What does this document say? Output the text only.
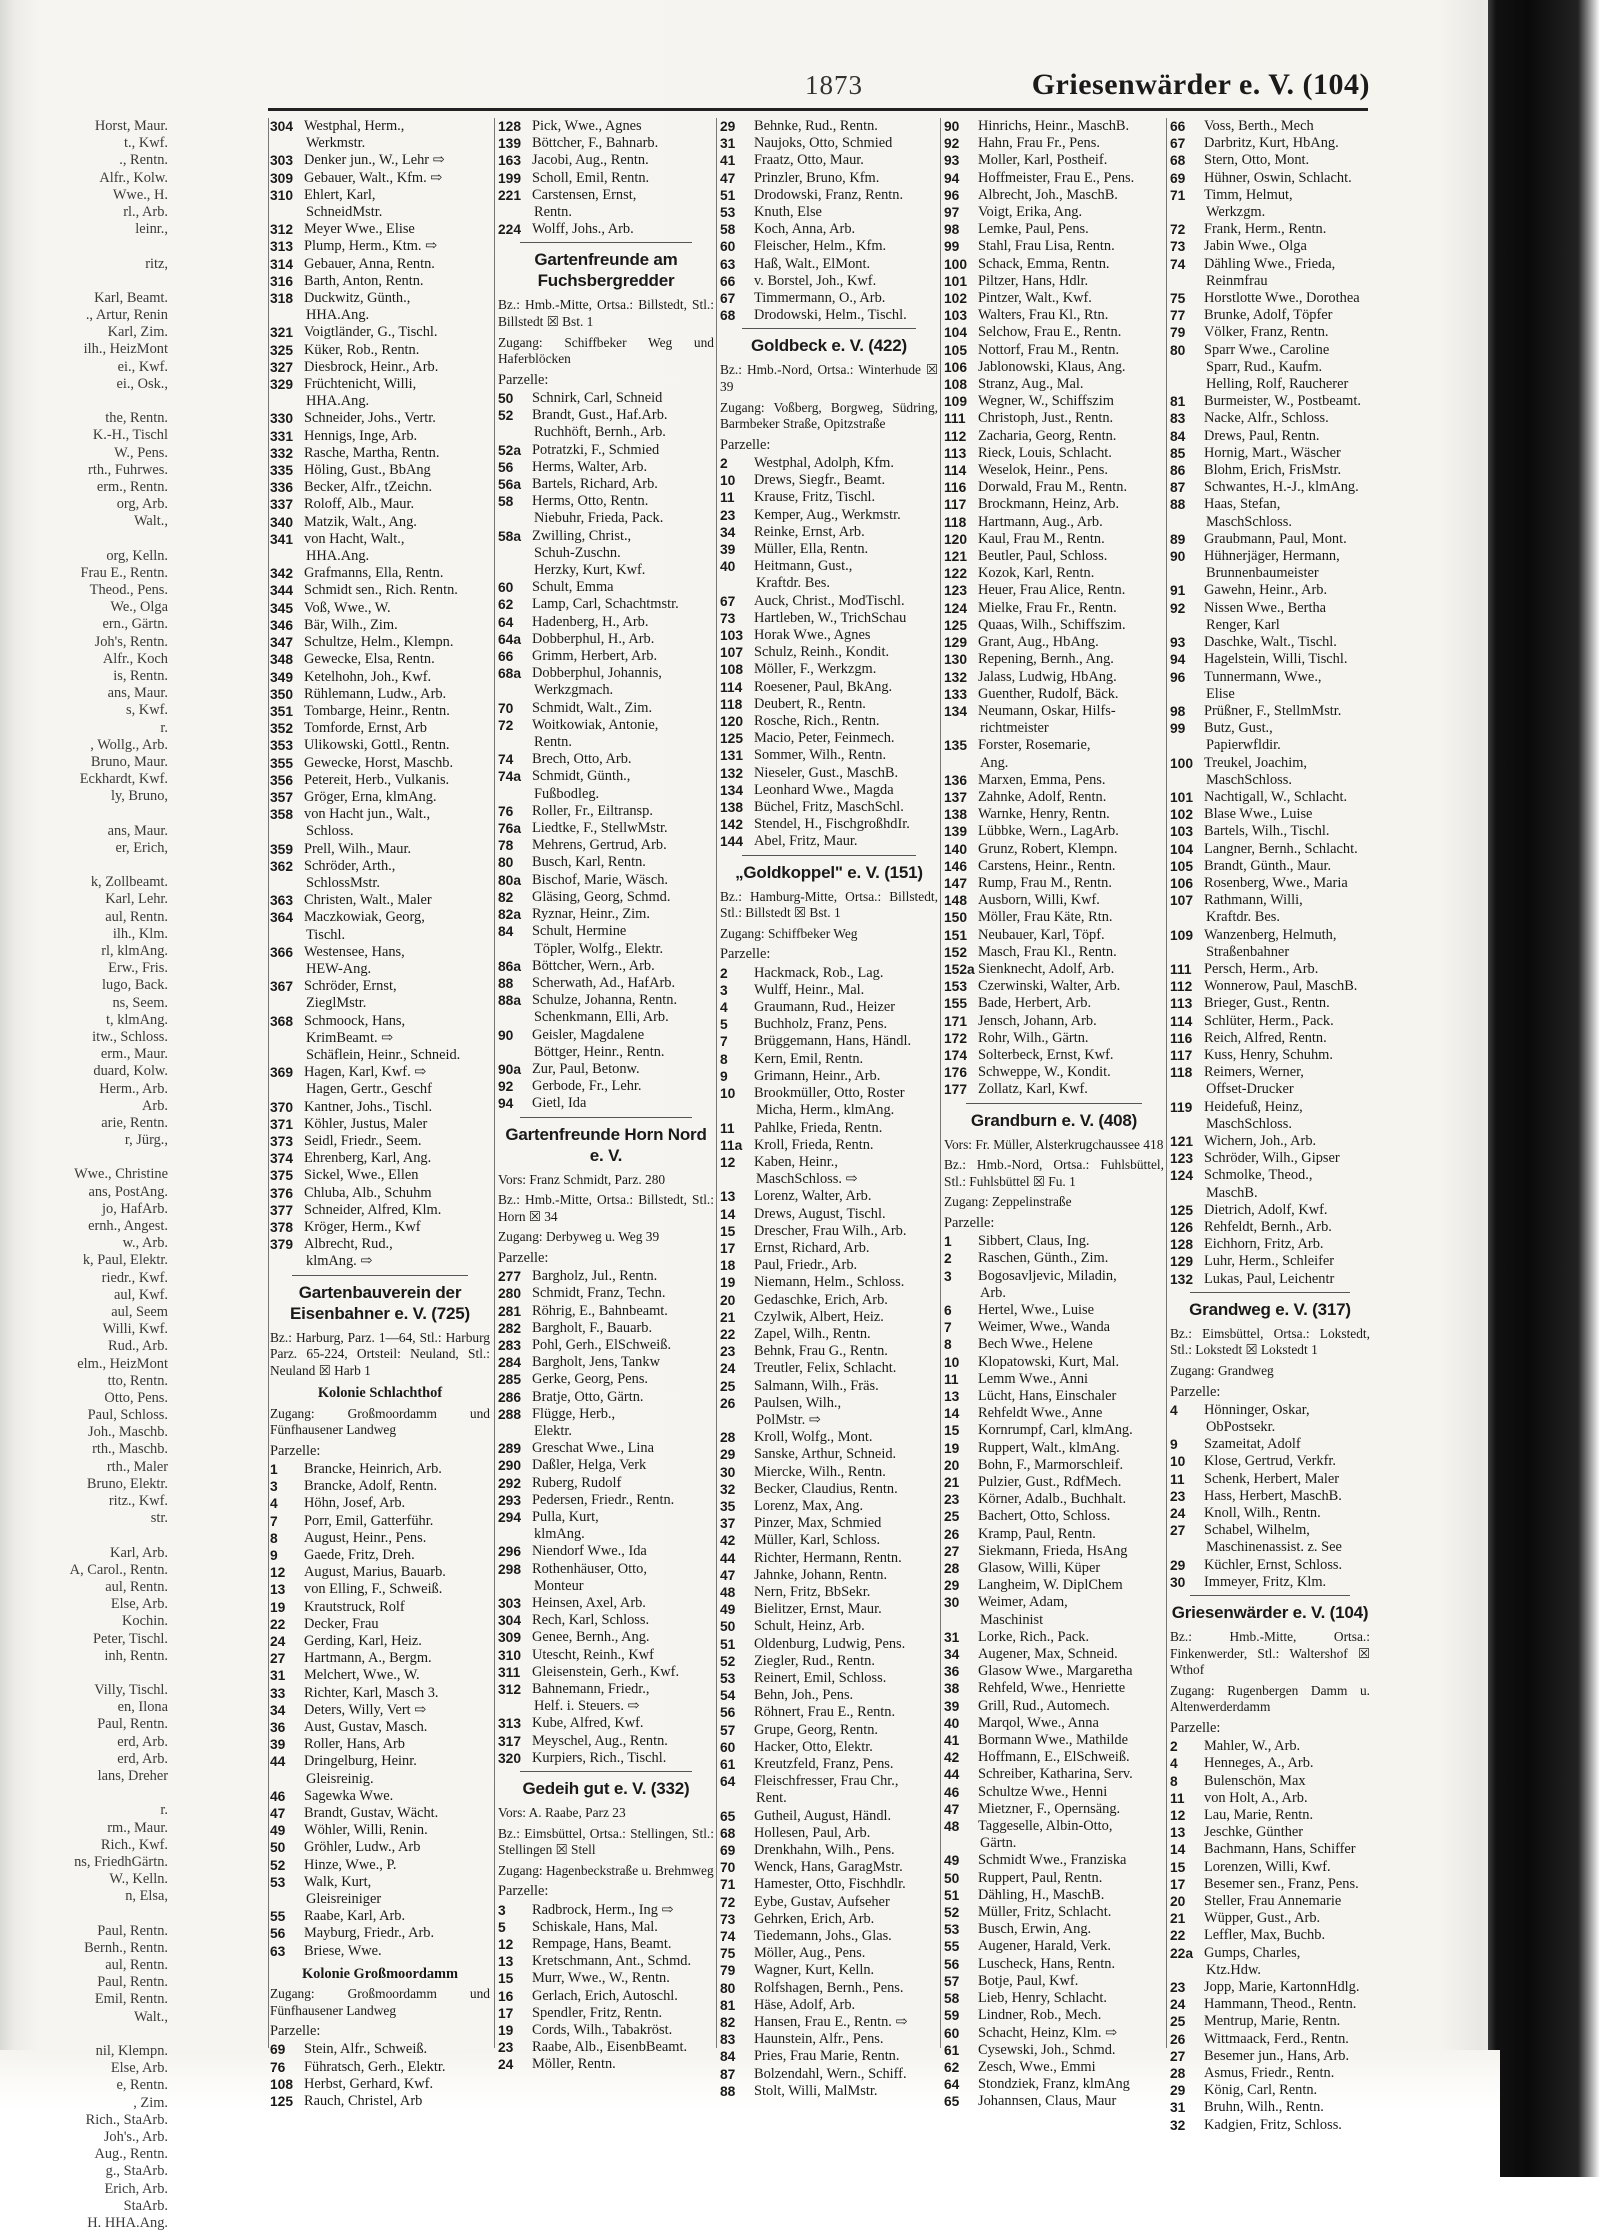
1873	Griesenwärder e. V. (104)
Horst, Maur.
t., Kwf.
., Rentn.
Alfr., Kolw.
Wwe., H.
rl., Arb.
leinr.,
ritz,
Karl, Beamt.
., Artur, Renin
Karl, Zim.
ilh., HeizMont
ei., Kwf.
ei., Osk.,
the, Rentn.
K.-H., Tischl
W., Pens.
rth., Fuhrwes.
erm., Rentn.
org, Arb.
Walt.,
org, Kelln.
Frau E., Rentn.
Theod., Pens.
We., Olga
ern., Gärtn.
Joh's, Rentn.
Alfr., Koch
is, Rentn.
ans, Maur.
s, Kwf.
r.
, Wollg., Arb.
Bruno, Maur.
Eckhardt, Kwf.
ly, Bruno,
ans, Maur.
er, Erich,
k, Zollbeamt.
Karl, Lehr.
aul, Rentn.
ilh., Klm.
rl, klmAng.
Erw., Fris.
lugo, Back.
ns, Seem.
t, klmAng.
itw., Schloss.
erm., Maur.
duard, Kolw.
Herm., Arb.
Arb.
arie, Rentn.
r, Jürg.,
Wwe., Christine
ans, PostAng.
jo, HafArb.
ernh., Angest.
w., Arb.
k, Paul, Elektr.
riedr., Kwf.
aul, Kwf.
aul, Seem
Willi, Kwf.
Rud., Arb.
elm., HeizMont
tto, Rentn.
Otto, Pens.
Paul, Schloss.
Joh., Maschb.
rth., Maschb.
rth., Maler
Bruno, Elektr.
ritz., Kwf.
str.
Karl, Arb.
A, Carol., Rentn.
aul, Rentn.
Else, Arb.
Kochin.
Peter, Tischl.
inh, Rentn.
Villy, Tischl.
en, Ilona
Paul, Rentn.
erd, Arb.
erd, Arb.
lans, Dreher
r.
rm., Maur.
Rich., Kwf.
ns, FriedhGärtn.
W., Kelln.
n, Elsa,
Paul, Rentn.
Bernh., Rentn.
aul, Rentn.
Paul, Rentn.
Emil, Rentn.
Walt.,
nil, Klempn.
Else, Arb.
e, Rentn.
, Zim.
Rich., StaArb.
Joh's., Arb.
Aug., Rentn.
g., StaArb.
Erich, Arb.
StaArb.
H. HHA.Ang.
304 Westphal, Herm.,
Werkmstr.
303 Denker jun., W., Lehr ⇨
309 Gebauer, Walt., Kfm. ⇨
310 Ehlert, Karl,
SchneidMstr.
312 Meyer Wwe., Elise
313 Plump, Herm., Ktm. ⇨
314 Gebauer, Anna, Rentn.
316 Barth, Anton, Rentn.
318 Duckwitz, Günth.,
HHA.Ang.
321 Voigtländer, G., Tischl.
325 Küker, Rob., Rentn.
327 Diesbrock, Heinr., Arb.
329 Früchtenicht, Willi,
HHA.Ang.
330 Schneider, Johs., Vertr.
331 Hennigs, Inge, Arb.
332 Rasche, Martha, Rentn.
335 Höling, Gust., BbAng
336 Becker, Alfr., tZeichn.
337 Roloff, Alb., Maur.
340 Matzik, Walt., Ang.
341 von Hacht, Walt.,
HHA.Ang.
342 Grafmanns, Ella, Rentn.
344 Schmidt sen., Rich. Rentn.
345 Voß, Wwe., W.
346 Bär, Wilh., Zim.
347 Schultze, Helm., Klempn.
348 Gewecke, Elsa, Rentn.
349 Ketelhohn, Joh., Kwf.
350 Rühlemann, Ludw., Arb.
351 Tombarge, Heinr., Rentn.
352 Tomforde, Ernst, Arb
353 Ulikowski, Gottl., Rentn.
355 Gewecke, Horst, Maschb.
356 Petereit, Herb., Vulkanis.
357 Gröger, Erna, klmAng.
358 von Hacht jun., Walt.,
Schloss.
359 Prell, Wilh., Maur.
362 Schröder, Arth.,
SchlossMstr.
363 Christen, Walt., Maler
364 Maczkowiak, Georg,
Tischl.
366 Westensee, Hans,
HEW-Ang.
367 Schröder, Ernst,
ZieglMstr.
368 Schmoock, Hans,
KrimBeamt. ⇨
Schäflein, Heinr., Schneid.
369 Hagen, Karl, Kwf. ⇨
Hagen, Gertr., Geschf
370 Kantner, Johs., Tischl.
371 Köhler, Justus, Maler
373 Seidl, Friedr., Seem.
374 Ehrenberg, Karl, Ang.
375 Sickel, Wwe., Ellen
376 Chluba, Alb., Schuhm
377 Schneider, Alfred, Klm.
378 Kröger, Herm., Kwf
379 Albrecht, Rud.,
klmAng. ⇨
Gartenbauverein der Eisenbahner e. V. (725)
Bz.: Harburg, Parz. 1—64, Stl.: Harburg Parz. 65-224, Ortsteil: Neuland, Stl.: Neuland ☒ Harb 1
Kolonie Schlachthof
Zugang: Großmoordamm und Fünfhausener Landweg
Parzelle:
1	Brancke, Heinrich, Arb.
3	Brancke, Adolf, Rentn.
4	Höhn, Josef, Arb.
7	Porr, Emil, Gatterführ.
8	August, Heinr., Pens.
9	Gaede, Fritz, Dreh.
12	August, Marius, Bauarb.
13	von Elling, F., Schweiß.
19	Krautstruck, Rolf
22	Decker, Frau
24	Gerding, Karl, Heiz.
27	Hartmann, A., Bergm.
31	Melchert, Wwe., W.
33	Richter, Karl, Masch 3.
34	Deters, Willy, Vert ⇨
36	Aust, Gustav, Masch.
39	Roller, Hans, Arb
44	Dringelburg, Heinr.
Gleisreinig.
46	Sagewka Wwe.
47	Brandt, Gustav, Wächt.
49	Wöhler, Willi, Renin.
50	Gröhler, Ludw., Arb
52	Hinze, Wwe., P.
53	Walk, Kurt,
Gleisreiniger
55	Raabe, Karl, Arb.
56	Mayburg, Friedr., Arb.
63	Briese, Wwe.
Kolonie Großmoordamm
Zugang: Großmoordamm und Fünfhausener Landweg
Parzelle:
69	Stein, Alfr., Schweiß.
76	Führatsch, Gerh., Elektr.
108 Herbst, Gerhard, Kwf.
125 Rauch, Christel, Arb
128 Pick, Wwe., Agnes
139 Böttcher, F., Bahnarb.
163 Jacobi, Aug., Rentn.
199 Scholl, Emil, Rentn.
221 Carstensen, Ernst,
Rentn.
224 Wolff, Johs., Arb.
Gartenfreunde am Fuchsbergredder
Bz.: Hmb.-Mitte, Ortsa.: Billstedt, Stl.: Billstedt ☒ Bst. 1
Zugang: Schiffbeker Weg und Haferblöcken
Parzelle:
50	Schnirk, Carl, Schneid
52	Brandt, Gust., Haf.Arb.
Ruchhöft, Bernh., Arb.
52a Potratzki, F., Schmied
56	Herms, Walter, Arb.
56a Bartels, Richard, Arb.
58	Herms, Otto, Rentn.
Niebuhr, Frieda, Pack.
58a Zwilling, Christ.,
Schuh-Zuschn.
Herzky, Kurt, Kwf.
60	Schult, Emma
62	Lamp, Carl, Schachtmstr.
64	Hadenberg, H., Arb.
64a Dobberphul, H., Arb.
66	Grimm, Herbert, Arb.
68a Dobberphul, Johannis,
Werkzgmach.
70	Schmidt, Walt., Zim.
72	Woitkowiak, Antonie,
Rentn.
74	Brech, Otto, Arb.
74a Schmidt, Günth.,
Fußbodleg.
76	Roller, Fr., Eiltransp.
76a Liedtke, F., StellwMstr.
78	Mehrens, Gertrud, Arb.
80	Busch, Karl, Rentn.
80a Bischof, Marie, Wäsch.
82	Gläsing, Georg, Schmd.
82a Ryznar, Heinr., Zim.
84	Schult, Hermine
Töpler, Wolfg., Elektr.
86a Böttcher, Wern., Arb.
88	Scherwath, Ad., HafArb.
88a Schulze, Johanna, Rentn.
Schenkmann, Elli, Arb.
90	Geisler, Magdalene
Böttger, Heinr., Rentn.
90a Zur, Paul, Betonw.
92	Gerbode, Fr., Lehr.
94	Gietl, Ida
Gartenfreunde Horn Nord e. V.
Vors: Franz Schmidt, Parz. 280
Bz.: Hmb.-Mitte, Ortsa.: Billstedt, Stl.: Horn ☒ 34
Zugang: Derbyweg u. Weg 39
Parzelle:
277 Bargholz, Jul., Rentn.
280 Schmidt, Franz, Techn.
281 Röhrig, E., Bahnbeamt.
282 Bargholt, F., Bauarb.
283 Pohl, Gerh., ElSchweiß.
284 Bargholt, Jens, Tankw
285 Gerke, Georg, Pens.
286 Bratje, Otto, Gärtn.
288 Flügge, Herb.,
Elektr.
289 Greschat Wwe., Lina
290 Daßler, Helga, Verk
292 Ruberg, Rudolf
293 Pedersen, Friedr., Rentn.
294 Pulla, Kurt,
klmAng.
296 Niendorf Wwe., Ida
298 Rothenhäuser, Otto,
Monteur
303 Heinsen, Axel, Arb.
304 Rech, Karl, Schloss.
309 Genee, Bernh., Ang.
310 Utescht, Reinh., Kwf
311 Gleisenstein, Gerh., Kwf.
312 Bahnemann, Friedr.,
Helf. i. Steuers. ⇨
313 Kube, Alfred, Kwf.
317 Meyschel, Aug., Rentn.
320 Kurpiers, Rich., Tischl.
Gedeih gut e. V. (332)
Vors: A. Raabe, Parz 23
Bz.: Eimsbüttel, Ortsa.: Stellingen, Stl.: Stellingen ☒ Stell
Zugang: Hagenbeckstraße u. Brehmweg
Parzelle:
3	Radbrock, Herm., Ing ⇨
5	Schiskale, Hans, Mal.
12	Rempage, Hans, Beamt.
13	Kretschmann, Ant., Schmd.
15	Murr, Wwe., W., Rentn.
16	Gerlach, Erich, Autoschl.
17	Spendler, Fritz, Rentn.
19	Cords, Wilh., Tabakröst.
23	Raabe, Alb., EisenbBeamt.
24	Möller, Rentn.
29	Behnke, Rud., Rentn.
31	Naujoks, Otto, Schmied
41	Fraatz, Otto, Maur.
47	Prinzler, Bruno, Kfm.
51	Drodowski, Franz, Rentn.
53	Knuth, Else
58	Koch, Anna, Arb.
60	Fleischer, Helm., Kfm.
63	Haß, Walt., ElMont.
66	v. Borstel, Joh., Kwf.
67	Timmermann, O., Arb.
68	Drodowski, Helm., Tischl.
Goldbeck e. V. (422)
Bz.: Hmb.-Nord, Ortsa.: Winterhude ☒ 39
Zugang: Voßberg, Borgweg, Südring, Barmbeker Straße, Opitzstraße
Parzelle:
2	Westphal, Adolph, Kfm.
10	Drews, Siegfr., Beamt.
11	Krause, Fritz, Tischl.
23	Kemper, Aug., Werkmstr.
34	Reinke, Ernst, Arb.
39	Müller, Ella, Rentn.
40	Heitmann, Gust.,
Kraftdr. Bes.
67	Auck, Christ., ModTischl.
73	Hartleben, W., TrichSchau
103 Horak Wwe., Agnes
107 Schulz, Reinh., Kondit.
108 Möller, F., Werkzgm.
114 Roesener, Paul, BkAng.
118 Deubert, R., Rentn.
120 Rosche, Rich., Rentn.
125 Macio, Peter, Feinmech.
131 Sommer, Wilh., Rentn.
132 Nieseler, Gust., MaschB.
134 Leonhard Wwe., Magda
138 Büchel, Fritz, MaschSchl.
142 Stendel, H., FischgroßhdIr.
144 Abel, Fritz, Maur.
„Goldkoppel" e. V. (151)
Bz.: Hamburg-Mitte, Ortsa.: Billstedt, Stl.: Billstedt ☒ Bst. 1
Zugang: Schiffbeker Weg
Parzelle:
2	Hackmack, Rob., Lag.
3	Wulff, Heinr., Mal.
4	Graumann, Rud., Heizer
5	Buchholz, Franz, Pens.
7	Brüggemann, Hans, Händl.
8	Kern, Emil, Rentn.
9	Grimann, Heinr., Arb.
10	Brookmüller, Otto, Roster
Micha, Herm., klmAng.
11	Pahlke, Frieda, Rentn.
11a Kroll, Frieda, Rentn.
12	Kaben, Heinr.,
MaschSchloss. ⇨
13	Lorenz, Walter, Arb.
14	Drews, August, Tischl.
15	Drescher, Frau Wilh., Arb.
17	Ernst, Richard, Arb.
18	Paul, Friedr., Arb.
19	Niemann, Helm., Schloss.
20	Gedaschke, Erich, Arb.
21	Czylwik, Albert, Heiz.
22	Zapel, Wilh., Rentn.
23	Behnk, Frau G., Rentn.
24	Treutler, Felix, Schlacht.
25	Salmann, Wilh., Fräs.
26	Paulsen, Wilh.,
PolMstr. ⇨
28	Kroll, Wolfg., Mont.
29	Sanske, Arthur, Schneid.
30	Miercke, Wilh., Rentn.
32	Becker, Claudius, Rentn.
35	Lorenz, Max, Ang.
37	Pinzer, Max, Schmied
42	Müller, Karl, Schloss.
44	Richter, Hermann, Rentn.
47	Jahnke, Johann, Rentn.
48	Nern, Fritz, BbSekr.
49	Bielitzer, Ernst, Maur.
50	Schult, Heinz, Arb.
51	Oldenburg, Ludwig, Pens.
52	Ziegler, Rud., Rentn.
53	Reinert, Emil, Schloss.
54	Behn, Joh., Pens.
56	Röhnert, Frau E., Rentn.
57	Grupe, Georg, Rentn.
60	Hacker, Otto, Elektr.
61	Kreutzfeld, Franz, Pens.
64	Fleischfresser, Frau Chr.,
Rent.
65	Gutheil, August, Händl.
68	Hollesen, Paul, Arb.
69	Drenkhahn, Wilh., Pens.
70	Wenck, Hans, GaragMstr.
71	Hamester, Otto, Fischhdlr.
72	Eybe, Gustav, Aufseher
73	Gehrken, Erich, Arb.
74	Tiedemann, Johs., Glas.
75	Möller, Aug., Pens.
79	Wagner, Kurt, Kelln.
80	Rolfshagen, Bernh., Pens.
81	Häse, Adolf, Arb.
82	Hansen, Frau E., Rentn. ⇨
83	Haunstein, Alfr., Pens.
84	Pries, Frau Marie, Rentn.
87	Bolzendahl, Wern., Schiff.
88	Stolt, Willi, MalMstr.
90	Hinrichs, Heinr., MaschB.
92	Hahn, Frau Fr., Pens.
93	Moller, Karl, Postheif.
94	Hoffmeister, Frau E., Pens.
96	Albrecht, Joh., MaschB.
97	Voigt, Erika, Ang.
98	Lemke, Paul, Pens.
99	Stahl, Frau Lisa, Rentn.
100 Schack, Emma, Rentn.
101 Piltzer, Hans, Hdlr.
102 Pintzer, Walt., Kwf.
103 Walters, Frau Kl., Rtn.
104 Selchow, Frau E., Rentn.
105 Nottorf, Frau M., Rentn.
106 Jablonowski, Klaus, Ang.
108 Stranz, Aug., Mal.
109 Wegner, W., Schiffszim
111 Christoph, Just., Rentn.
112 Zacharia, Georg, Rentn.
113 Rieck, Louis, Schlacht.
114 Weselok, Heinr., Pens.
116 Dorwald, Frau M., Rentn.
117 Brockmann, Heinz, Arb.
118 Hartmann, Aug., Arb.
120 Kaul, Frau M., Rentn.
121 Beutler, Paul, Schloss.
122 Kozok, Karl, Rentn.
123 Heuer, Frau Alice, Rentn.
124 Mielke, Frau Fr., Rentn.
125 Quaas, Wilh., Schiffszim.
129 Grant, Aug., HbAng.
130 Repening, Bernh., Ang.
132 Jalass, Ludwig, HbAng.
133 Guenther, Rudolf, Bäck.
134 Neumann, Oskar, Hilfs-
richtmeister
135 Forster, Rosemarie,
Ang.
136 Marxen, Emma, Pens.
137 Zahnke, Adolf, Rentn.
138 Warnke, Henry, Rentn.
139 Lübbke, Wern., LagArb.
140 Grunz, Robert, Klempn.
146 Carstens, Heinr., Rentn.
147 Rump, Frau M., Rentn.
148 Ausborn, Willi, Kwf.
150 Möller, Frau Käte, Rtn.
151 Neubauer, Karl, Töpf.
152 Masch, Frau Kl., Rentn.
152a Sienknecht, Adolf, Arb.
153 Czerwinski, Walter, Arb.
155 Bade, Herbert, Arb.
171 Jensch, Johann, Arb.
172 Rohr, Wilh., Gärtn.
174 Solterbeck, Ernst, Kwf.
176 Schweppe, W., Kondit.
177 Zollatz, Karl, Kwf.
Grandburn e. V. (408)
Vors: Fr. Müller, Alsterkrugchaussee 418
Bz.: Hmb.-Nord, Ortsa.: Fuhlsbüttel, Stl.: Fuhlsbüttel ☒ Fu. 1
Zugang: Zeppelinstraße
Parzelle:
1	Sibbert, Claus, Ing.
2	Raschen, Günth., Zim.
3	Bogosavljevic, Miladin,
Arb.
6	Hertel, Wwe., Luise
7	Weimer, Wwe., Wanda
8	Bech Wwe., Helene
10	Klopatowski, Kurt, Mal.
11	Lemm Wwe., Anni
13	Lücht, Hans, Einschaler
14	Rehfeldt Wwe., Anne
15	Kornrumpf, Carl, klmAng.
19	Ruppert, Walt., klmAng.
20	Bohn, F., Marmorschleif.
21	Pulzier, Gust., RdfMech.
23	Körner, Adalb., Buchhalt.
25	Bachert, Otto, Schloss.
26	Kramp, Paul, Rentn.
27	Siekmann, Frieda, HsAng
28	Glasow, Willi, Küper
29	Langheim, W. DiplChem
30	Weimer, Adam,
Maschinist
31	Lorke, Rich., Pack.
34	Augener, Max, Schneid.
36	Glasow Wwe., Margaretha
38	Rehfeld, Wwe., Henriette
39	Grill, Rud., Automech.
40	Marqol, Wwe., Anna
41	Bormann Wwe., Mathilde
42	Hoffmann, E., ElSchweiß.
44	Schreiber, Katharina, Serv.
46	Schultze Wwe., Henni
47	Mietzner, F., Opernsäng.
48	Taggeselle, Albin-Otto,
Gärtn.
49	Schmidt Wwe., Franziska
50	Ruppert, Paul, Rentn.
51	Dähling, H., MaschB.
52	Müller, Fritz, Schlacht.
53	Busch, Erwin, Ang.
55	Augener, Harald, Verk.
56	Luscheck, Hans, Rentn.
57	Botje, Paul, Kwf.
58	Lieb, Henry, Schlacht.
59	Lindner, Rob., Mech.
60	Schacht, Heinz, Klm. ⇨
61	Cysewski, Joh., Schmd.
62	Zesch, Wwe., Emmi
64	Stondziek, Franz, klmAng
65	Johannsen, Claus, Maur
66	Voss, Berth., Mech
67	Darbritz, Kurt, HbAng.
68	Stern, Otto, Mont.
69	Hühner, Oswin, Schlacht.
71	Timm, Helmut,
Werkzgm.
72	Frank, Herm., Rentn.
73	Jabin Wwe., Olga
74	Dähling Wwe., Frieda,
Reinmfrau
75	Horstlotte Wwe., Dorothea
77	Brunke, Adolf, Töpfer
79	Völker, Franz, Rentn.
80	Sparr Wwe., Caroline
Sparr, Rud., Kaufm.
Helling, Rolf, Raucherer
81	Burmeister, W., Postbeamt.
83	Nacke, Alfr., Schloss.
84	Drews, Paul, Rentn.
85	Hornig, Mart., Wäscher
86	Blohm, Erich, FrisMstr.
87	Schwantes, H.-J., klmAng.
88	Haas, Stefan,
MaschSchloss.
89	Graubmann, Paul, Mont.
90	Hühnerjäger, Hermann,
Brunnenbaumeister
91	Gawehn, Heinr., Arb.
92	Nissen Wwe., Bertha
Renger, Karl
93	Daschke, Walt., Tischl.
94	Hagelstein, Willi, Tischl.
96	Tunnermann, Wwe.,
Elise
98	Prüßner, F., StellmMstr.
99	Butz, Gust.,
Papierwfldir.
100 Treukel, Joachim,
MaschSchloss.
101 Nachtigall, W., Schlacht.
102 Blase Wwe., Luise
103 Bartels, Wilh., Tischl.
104 Langner, Bernh., Schlacht.
105 Brandt, Günth., Maur.
106 Rosenberg, Wwe., Maria
107 Rathmann, Willi,
Kraftdr. Bes.
109 Wanzenberg, Helmuth,
Straßenbahner
111 Persch, Herm., Arb.
112 Wonnerow, Paul, MaschB.
113 Brieger, Gust., Rentn.
114 Schlüter, Herm., Pack.
116 Reich, Alfred, Rentn.
117 Kuss, Henry, Schuhm.
118 Reimers, Werner,
Offset-Drucker
119 Heidefuß, Heinz,
MaschSchloss.
121 Wichern, Joh., Arb.
123 Schröder, Wilh., Gipser
124 Schmolke, Theod.,
MaschB.
125 Dietrich, Adolf, Kwf.
126 Rehfeldt, Bernh., Arb.
128 Eichhorn, Fritz, Arb.
129 Luhr, Herm., Schleifer
132 Lukas, Paul, Leichentr
Grandweg e. V. (317)
Bz.: Eimsbüttel, Ortsa.: Lokstedt, Stl.: Lokstedt ☒ Lokstedt 1
Zugang: Grandweg
Parzelle:
4	Hönninger, Oskar,
ObPostsekr.
9	Szameitat, Adolf
10	Klose, Gertrud, Verkfr.
11	Schenk, Herbert, Maler
23	Hass, Herbert, MaschB.
24	Knoll, Wilh., Rentn.
27	Schabel, Wilhelm,
Maschinenassist. z. See
29	Küchler, Ernst, Schloss.
30	Immeyer, Fritz, Klm.
Griesenwärder e. V. (104)
Bz.: Hmb.-Mitte, Ortsa.: Finkenwerder, Stl.: Waltershof ☒ Wthof
Zugang: Rugenbergen Damm u. Altenwerderdamm
Parzelle:
2	Mahler, W., Arb.
4	Henneges, A., Arb.
8	Bulenschön, Max
11	von Holt, A., Arb.
12	Lau, Marie, Rentn.
13	Jeschke, Günther
14	Bachmann, Hans, Schiffer
15	Lorenzen, Willi, Kwf.
17	Besemer sen., Franz, Pens.
20	Steller, Frau Annemarie
21	Wüpper, Gust., Arb.
22	Leffler, Max, Buchb.
22a Gumps, Charles,
Ktz.Hdw.
23	Jopp, Marie, KartonnHdlg.
24	Hammann, Theod., Rentn.
25	Mentrup, Marie, Rentn.
26	Wittmaack, Ferd., Rentn.
27	Besemer jun., Hans, Arb.
28	Asmus, Friedr., Rentn.
29	König, Carl, Rentn.
31	Bruhn, Wilh., Rentn.
32	Kadgien, Fritz, Schloss.
